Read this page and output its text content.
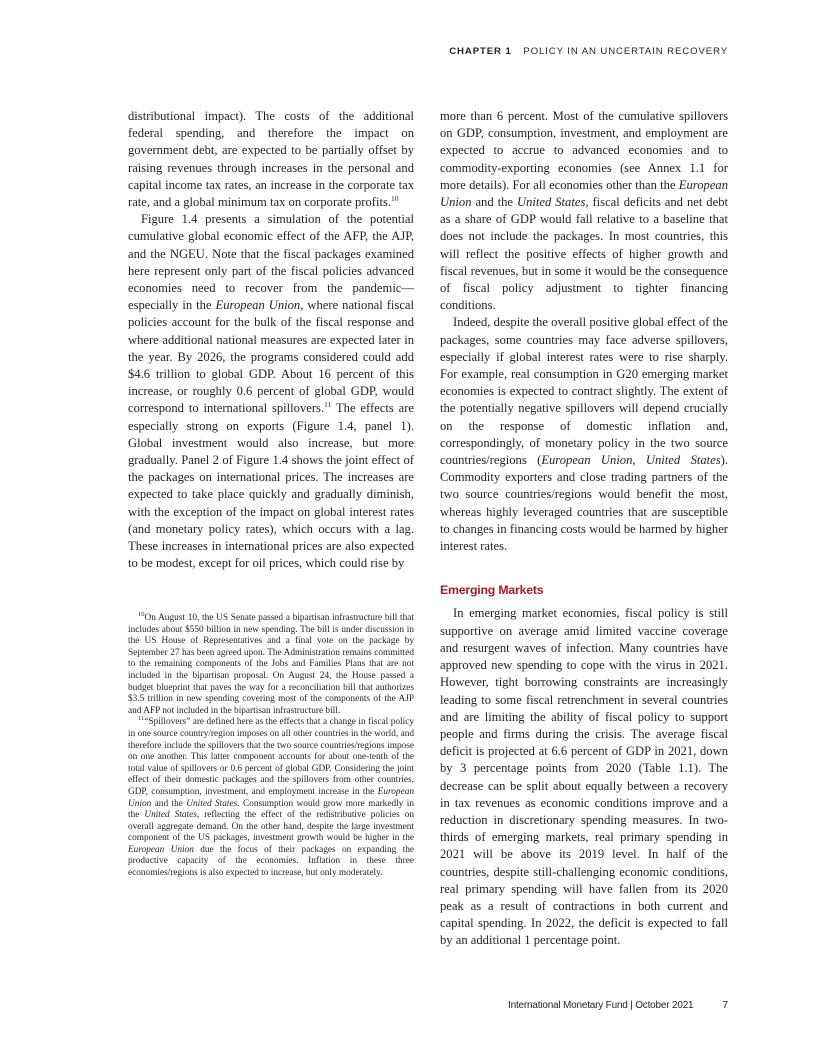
CHAPTER 1 POLICY IN AN UNCERTAIN RECOVERY

distributional impact). The costs of the additional federal spending, and therefore the impact on government debt, are expected to be partially offset by raising revenues through increases in the personal and capital income tax rates, an increase in the corporate tax rate, and a global minimum tax on corporate profits.$^{10}$

Figure 1.4 presents a simulation of the potential cumulative global economic effect of the AFP, the AJP, and the NGEU. Note that the fiscal packages examined here represent only part of the fiscal policies advanced economies need to recover from the pandemic—especially in the European Union, where national fiscal policies account for the bulk of the fiscal response and where additional national measures are expected later in the year. By 2026, the programs considered could add $4.6 trillion to global GDP. About 16 percent of this increase, or roughly 0.6 percent of global GDP, would correspond to international spillovers.$^{11}$ The effects are especially strong on exports (Figure 1.4, panel 1). Global investment would also increase, but more gradually. Panel 2 of Figure 1.4 shows the joint effect of the packages on international prices. The increases are expected to take place quickly and gradually diminish, with the exception of the impact on global interest rates (and monetary policy rates), which occurs with a lag. These increases in international prices are also expected to be modest, except for oil prices, which could rise by

more than 6 percent. Most of the cumulative spillovers on GDP, consumption, investment, and employment are expected to accrue to advanced economies and to commodity-exporting economies (see Annex 1.1 for more details). For all economies other than the European Union and the United States, fiscal deficits and net debt as a share of GDP would fall relative to a baseline that does not include the packages. In most countries, this will reflect the positive effects of higher growth and fiscal revenues, but in some it would be the consequence of fiscal policy adjustment to tighter financing conditions.

Indeed, despite the overall positive global effect of the packages, some countries may face adverse spillovers, especially if global interest rates were to rise sharply. For example, real consumption in G20 emerging market economies is expected to contract slightly. The extent of the potentially negative spillovers will depend crucially on the response of domestic inflation and, correspondingly, of monetary policy in the two source countries/regions (European Union, United States). Commodity exporters and close trading partners of the two source countries/regions would benefit the most, whereas highly leveraged countries that are susceptible to changes in financing costs would be harmed by higher interest rates.

Emerging Markets

In emerging market economies, fiscal policy is still supportive on average amid limited vaccine coverage and resurgent waves of infection. Many countries have approved new spending to cope with the virus in 2021. However, tight borrowing constraints are increasingly leading to some fiscal retrenchment in several countries and are limiting the ability of fiscal policy to support people and firms during the crisis. The average fiscal deficit is projected at 6.6 percent of GDP in 2021, down by 3 percentage points from 2020 (Table 1.1). The decrease can be split about equally between a recovery in tax revenues as economic conditions improve and a reduction in discretionary spending measures. In two-thirds of emerging markets, real primary spending in 2021 will be above its 2019 level. In half of the countries, despite still-challenging economic conditions, real primary spending will have fallen from its 2020 peak as a result of contractions in both current and capital spending. In 2022, the deficit is expected to fall by an additional 1 percentage point.

$^{10}$On August 10, the US Senate passed a bipartisan infrastructure bill that includes about $550 billion in new spending. The bill is under discussion in the US House of Representatives and a final vote on the package by September 27 has been agreed upon. The Administration remains committed to the remaining components of the Jobs and Families Plans that are not included in the bipartisan proposal. On August 24, the House passed a budget blueprint that paves the way for a reconciliation bill that authorizes $3.5 trillion in new spending covering most of the components of the AJP and AFP not included in the bipartisan infrastructure bill.

$^{11}$“Spillovers” are defined here as the effects that a change in fiscal policy in one source country/region imposes on all other countries in the world, and therefore include the spillovers that the two source countries/regions impose on one another. This latter component accounts for about one-tenth of the total value of spillovers or 0.6 percent of global GDP. Considering the joint effect of their domestic packages and the spillovers from other countries, GDP, consumption, investment, and employment increase in the European Union and the United States. Consumption would grow more markedly in the United States, reflecting the effect of the redistributive policies on overall aggregate demand. On the other hand, despite the large investment component of the US packages, investment growth would be higher in the European Union due the focus of their packages on expanding the productive capacity of the economies. Inflation in these three economies/regions is also expected to increase, but only moderately.

International Monetary Fund | October 2021	7
